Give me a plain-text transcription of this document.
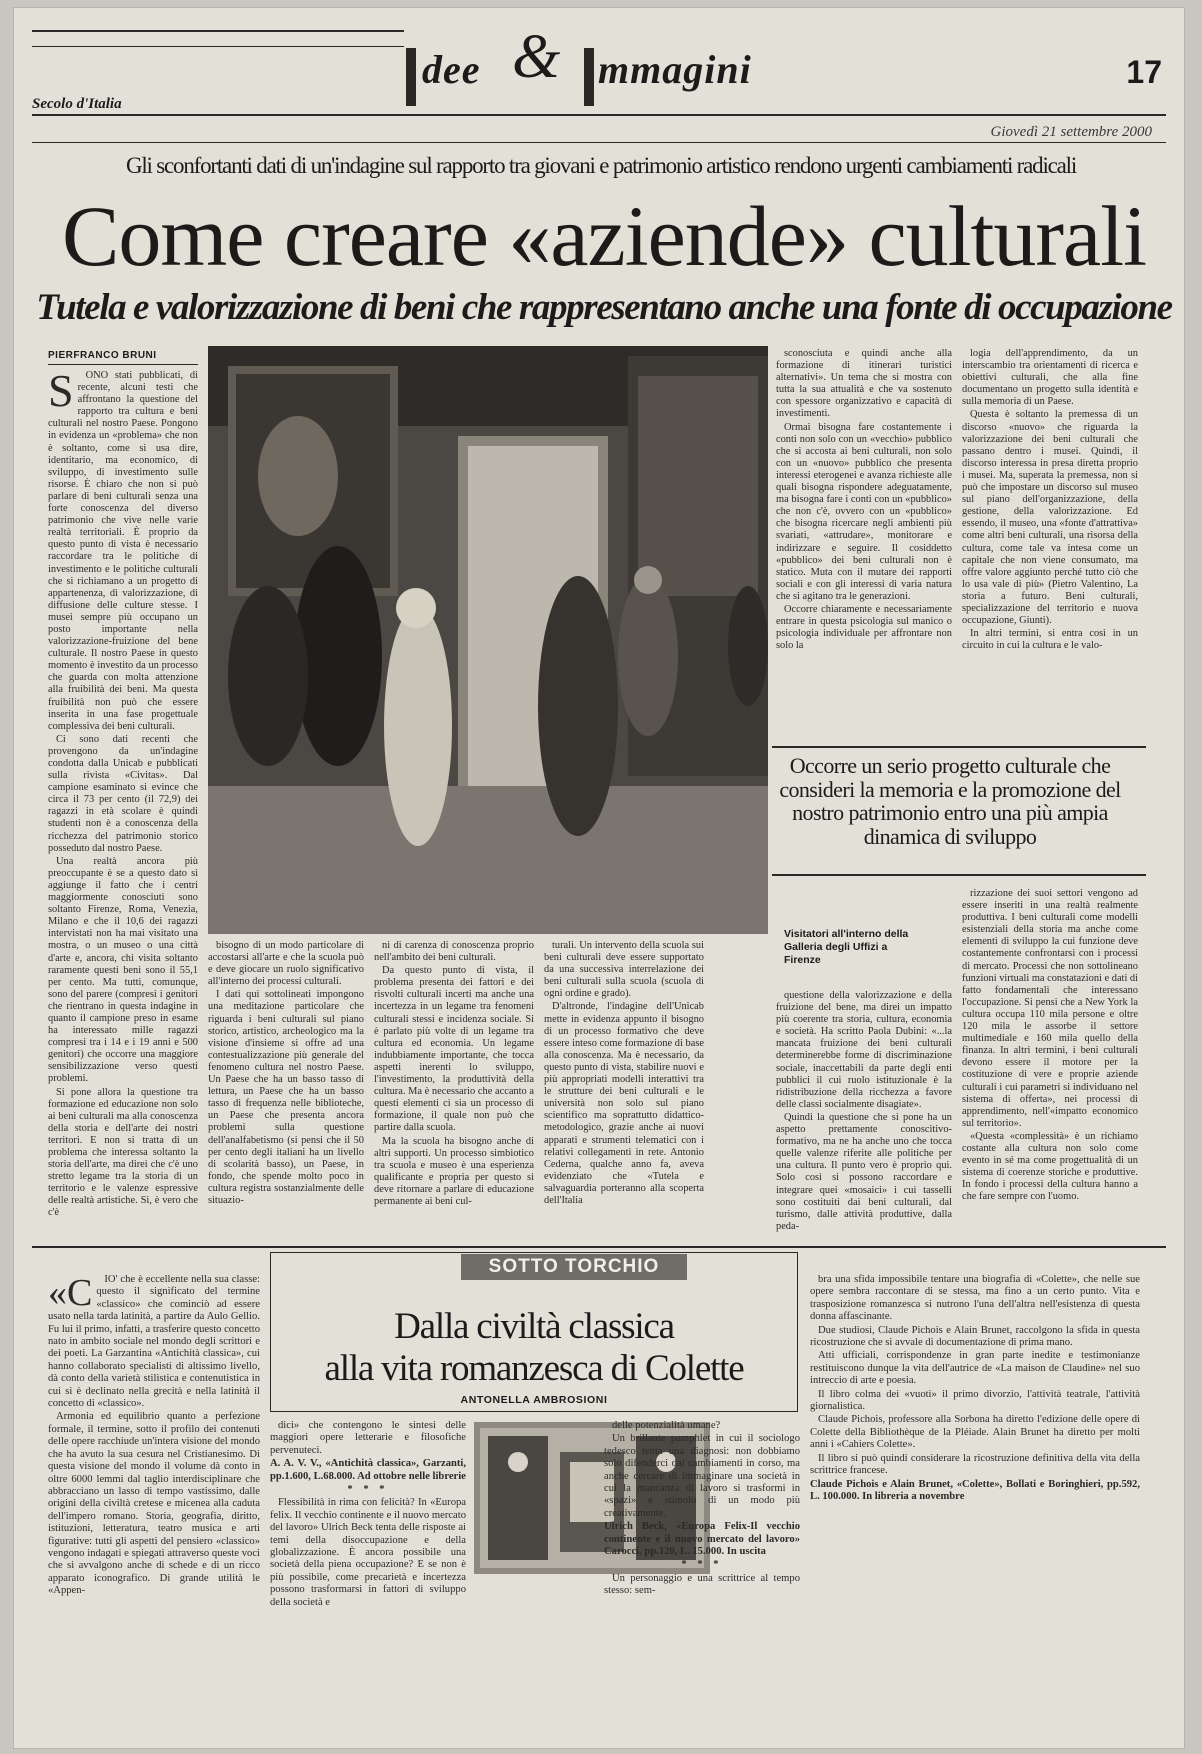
Secolo d'Italia
dee & mmagini	17
Giovedì 21 settembre 2000
Gli sconfortanti dati di un'indagine sul rapporto tra giovani e patrimonio artistico rendono urgenti cambiamenti radicali
Come creare «aziende» culturali
Tutela e valorizzazione di beni che rappresentano anche una fonte di occupazione
PIERFRANCO BRUNI
S	ONO stati pubblicati, di recente, alcuni testi che affrontano la questione del rapporto tra cultura e beni culturali nel nostro Paese. Pongono in evidenza un «problema» che non è soltanto, come si usa dire, identitario, ma economico, di sviluppo, di investimento sulle risorse. È chiaro che non si può parlare di beni culturali senza una forte conoscenza del diverso patrimonio che vive nelle varie realtà territoriali. È proprio da questo punto di vista è necessario raccordare tra le politiche di investimento e le politiche culturali che si richiamano a un progetto di appartenenza, di valorizzazione, di diffusione delle culture stesse. I musei sempre più occupano un posto importante nella valorizzazione-fruizione del bene culturale. Il nostro Paese in questo momento è investito da un processo che guarda con molta attenzione alla fruibilità dei beni. Ma questa fruibilità non può che essere inserita in una fase progettuale complessiva dei beni culturali.

Ci sono dati recenti che provengono da un'indagine condotta dalla Unicab e pubblicati sulla rivista «Civitas». Dal campione esaminato si evince che circa il 73 per cento (il 72,9) dei ragazzi in età scolare è quindi studenti non è a conoscenza della ricchezza del patrimonio storico posseduto dal nostro Paese.

Una realtà ancora più preoccupante è se a questo dato si aggiunge il fatto che i centri maggiormente conosciuti sono soltanto Firenze, Roma, Venezia, Milano e che il 10,6 dei ragazzi intervistati non ha mai visitato una mostra, o un museo o una città d'arte e, ancora, chi visita soltanto raramente questi beni sono il 55,1 per cento. Ma tutti, comunque, sono del parere (compresi i genitori che rientrano in questa indagine in quanto il campione preso in esame ha interessato mille ragazzi compresi tra i 14 e i 19 anni e 500 genitori) che occorre una maggiore sensibilizzazione verso questi problemi.

Si pone allora la questione tra formazione ed educazione non solo ai beni culturali ma alla conoscenza della storia e dell'arte dei nostri territori. E non si tratta di un problema che interessa soltanto la storia dell'arte, ma direi che c'è uno stretto legame tra la storia di un territorio e le valenze espressive delle realtà artistiche. Si, è vero che c'è

bisogno di un modo particolare di accostarsi all'arte e che la scuola può e deve giocare un ruolo significativo all'interno dei processi culturali.

I dati qui sottolineati impongono una meditazione particolare che riguarda i beni culturali sul piano storico, artistico, archeologico ma la visione d'insieme si offre ad una contestualizzazione più generale del fenomeno cultura nel nostro Paese. Un Paese che ha un basso tasso di lettura, un Paese che ha un basso tasso di frequenza nelle biblioteche, un Paese che presenta ancora problemi sulla questione dell'analfabetismo (si pensi che il 50 per cento degli italiani ha un livello di scolarità basso), un Paese, in fondo, che spende molto poco in cultura registra sostanzialmente delle situazio-

ni di carenza di conoscenza proprio nell'ambito dei beni culturali.

Da questo punto di vista, il problema presenta dei fattori e dei risvolti culturali incerti ma anche una incertezza in un legame tra fenomeni culturali stessi e incidenza sociale. Si è parlato più volte di un legame tra cultura ed economia. Un legame indubbiamente importante, che tocca aspetti inerenti lo sviluppo, l'investimento, la produttività della cultura. Ma è necessario che accanto a questi elementi ci sia un processo di formazione, il quale non può che partire dalla scuola.

Ma la scuola ha bisogno anche di altri supporti. Un processo simbiotico tra scuola e museo è una esperienza qualificante e propria per questo si deve ritornare a parlare di educazione permanente ai beni cul-

turali. Un intervento della scuola sui beni culturali deve essere supportato da una successiva interrelazione dei beni culturali sulla scuola (scuola di ogni ordine e grado).

D'altronde, l'indagine dell'Unicab mette in evidenza appunto il bisogno di un processo formativo che deve essere inteso come formazione di base alla conoscenza. Ma è necessario, da questo punto di vista, stabilire nuovi e più appropriati modelli interattivi tra le strutture dei beni culturali e le università non solo sul piano scientifico ma soprattutto didattico-metodologico, grazie anche ai nuovi apparati e strumenti telematici con i relativi collegamenti in rete. Antonio Cederna, qualche anno fa, aveva evidenziato che «Tutela e salvaguardia porteranno alla scoperta dell'Italia

sconosciuta e quindi anche alla formazione di itinerari turistici alternativi». Un tema che si mostra con tutta la sua attualità e che va sostenuto con spessore organizzativo e capacità di investimenti.

Ormai bisogna fare costantemente i conti non solo con un «vecchio» pubblico che si accosta ai beni culturali, non solo con un «nuovo» pubblico che presenta interessi eterogenei e avanza richieste alle quali bisogna rispondere adeguatamente, ma bisogna fare i conti con un «pubblico» che non c'è, ovvero con un «pubblico» che bisogna ricercare negli ambienti più svariati, «attrudare», monitorare e indirizzare e seguire. Il cosiddetto «pubblico» dei beni culturali non è statico. Muta con il mutare dei rapporti sociali e con gli interessi di varia natura che si agitano tra le generazioni.

Occorre chiaramente e necessariamente entrare in questa psicologia sul manico o psicologia individuale per affrontare non solo la

logia dell'apprendimento, da un interscambio tra orientamenti di ricerca e obiettivi culturali, che alla fine documentano un progetto sulla identità e sulla memoria di un Paese.

Questa è soltanto la premessa di un discorso «nuovo» che riguarda la valorizzazione dei beni culturali che passano dentro i musei. Quindi, il discorso interessa in presa diretta proprio i musei. Ma, superata la premessa, non si può che impostare un discorso sul museo sul piano dell'organizzazione, della gestione, della valorizzazione. Ed essendo, il museo, una «fonte d'attrattiva» come altri beni culturali, una risorsa della cultura, come tale va intesa come un capitale che non viene consumato, ma offre valore aggiunto perché tutto ciò che lo usa vale di più» (Pietro Valentino, La storia a futuro. Beni culturali, specializzazione del territorio e nuova occupazione, Giunti).

In altri termini, si entra così in un circuito in cui la cultura e le valo-

Occorre un serio progetto culturale che consideri la memoria e la promozione del nostro patrimonio entro una più ampia dinamica di sviluppo
Visitatori all'interno della Galleria degli Uffizi a Firenze

questione della valorizzazione e della fruizione del bene, ma direi un impatto più coerente tra storia, cultura, economia e società. Ha scritto Paola Dubini: «...la mancata fruizione dei beni culturali determinerebbe forme di discriminazione sociale, inaccettabili da parte degli enti pubblici il cui ruolo istituzionale è la ridistribuzione della ricchezza a favore delle classi socialmente disagiate».

Quindi la questione che si pone ha un aspetto prettamente conoscitivo-formativo, ma ne ha anche uno che tocca quelle valenze riferite alle politiche per una cultura. Il punto vero è proprio qui. Solo così si possono raccordare e integrare quei «mosaici» i cui tasselli sono costituiti dai beni culturali, dal turismo, dalle attività produttive, dalla peda-

rizzazione dei suoi settori vengono ad essere inseriti in una realtà realmente produttiva. I beni culturali come modelli esistenziali della storia ma anche come elementi di sviluppo la cui funzione deve costantemente confrontarsi con i processi di mercato. Processi che non sottolineano funzioni virtuali ma constatazioni e dati di fatto fondamentali che interessano l'occupazione. Si pensi che a New York la cultura occupa 110 mila persone e oltre 120 mila le assorbe il settore multimediale e 160 mila quello della finanza. In altri termini, i beni culturali devono essere il motore per la costituzione di vere e proprie aziende culturali i cui parametri si individuano nel sistema di offerta», nei processi di apprendimento, nell'«impatto economico sul territorio».

«Questa «complessità» è un richiamo costante alla cultura non solo come evento in sé ma come progettualità di un sistema di coerenze storiche e produttive. In fondo i processi della cultura hanno a che fare sempre con l'uomo.

SOTTO TORCHIO
Dalla civiltà classica
alla vita romanzesca di Colette
ANTONELLA AMBROSIONI
«C	IO' che è eccellente nella sua classe: questo il significato del termine «classico» che cominciò ad essere usato nella tarda latinità, a partire da Aulo Gellio. Fu lui il primo, infatti, a trasferire questo concetto nato in ambito sociale nel mondo degli scrittori e dei poeti. La Garzantina «Antichità classica», cui hanno collaborato specialisti di altissimo livello, dà conto della varietà stilistica e contenutistica in cui si è declinato nella grecità e nella latinità il concetto di «classico».

Armonia ed equilibrio quanto a perfezione formale, il termine, sotto il profilo dei contenuti delle opere racchiude un'intera visione del mondo che ha avuto la sua cesura nel Cristianesimo. Di questa visione del mondo il volume dà conto in oltre 6000 lemmi dal taglio interdisciplinare che abbracciano un lasso di tempo vastissimo, dalle origini della civiltà cretese e micenea alla caduta dell'impero romano. Storia, geografia, diritto, istituzioni, letteratura, teatro musica e arti figurative: tutti gli aspetti del pensiero «classico» vengono indagati e spiegati attraverso queste voci che si avvalgono anche di schede e di un ricco apparato iconografico. Di grande utilità le «Appen-

dici» che contengono le sintesi delle maggiori opere letterarie e filosofiche pervenuteci.

A. A. V. V., «Antichità classica», Garzanti, pp.1.600, L.68.000. Ad ottobre nelle librerie

* * *

Flessibilità in rima con felicità? In «Europa felix. Il vecchio continente e il nuovo mercato del lavoro» Ulrich Beck tenta delle risposte ai temi della disoccupazione e della globalizzazione. È ancora possibile una società della piena occupazione? E se non è più possibile, come precarietà e incertezza possono trasformarsi in fattori di sviluppo della società e

delle potenzialità umane?

Un brillante pamphlet in cui il sociologo tedesco tenta una diagnosi: non dobbiamo solo difenderci dai cambiamenti in corso, ma anche cercare di immaginare una società in cui la mancanza di lavoro si trasformi in «spazi» e stimolo di un modo più creativamente.

Ulrich Beck, «Europa Felix-Il vecchio continente e il nuovo mercato del lavoro» Carocci, pp.120, L. 15.000. In uscita

* * *

Un personaggio e una scrittrice al tempo stesso: sem-

bra una sfida impossibile tentare una biografia di «Colette», che nelle sue opere sembra raccontare di se stessa, ma fino a un certo punto. Vita e trasposizione romanzesca si nutrono l'una dell'altra nell'esistenza di questa donna affascinante.

Due studiosi, Claude Pichois e Alain Brunet, raccolgono la sfida in questa ricostruzione che si avvale di documentazione di prima mano.

Atti ufficiali, corrispondenze in gran parte inedite e testimonianze restituiscono dunque la vita dell'autrice de «La maison de Claudine» nel suo intreccio di arte e poesia.

Il libro colma dei «vuoti» il primo divorzio, l'attività teatrale, l'attività giornalistica.

Claude Pichois, professore alla Sorbona ha diretto l'edizione delle opere di Colette della Bibliothèque de la Pléiade. Alain Brunet ha diretto per molti anni i «Cahiers Colette».

Il libro si può quindi considerare la ricostruzione definitiva della vita della scrittrice francese.

Claude Pichois e Alain Brunet, «Colette», Bollati e Boringhieri, pp.592, L. 100.000. In libreria a novembre
